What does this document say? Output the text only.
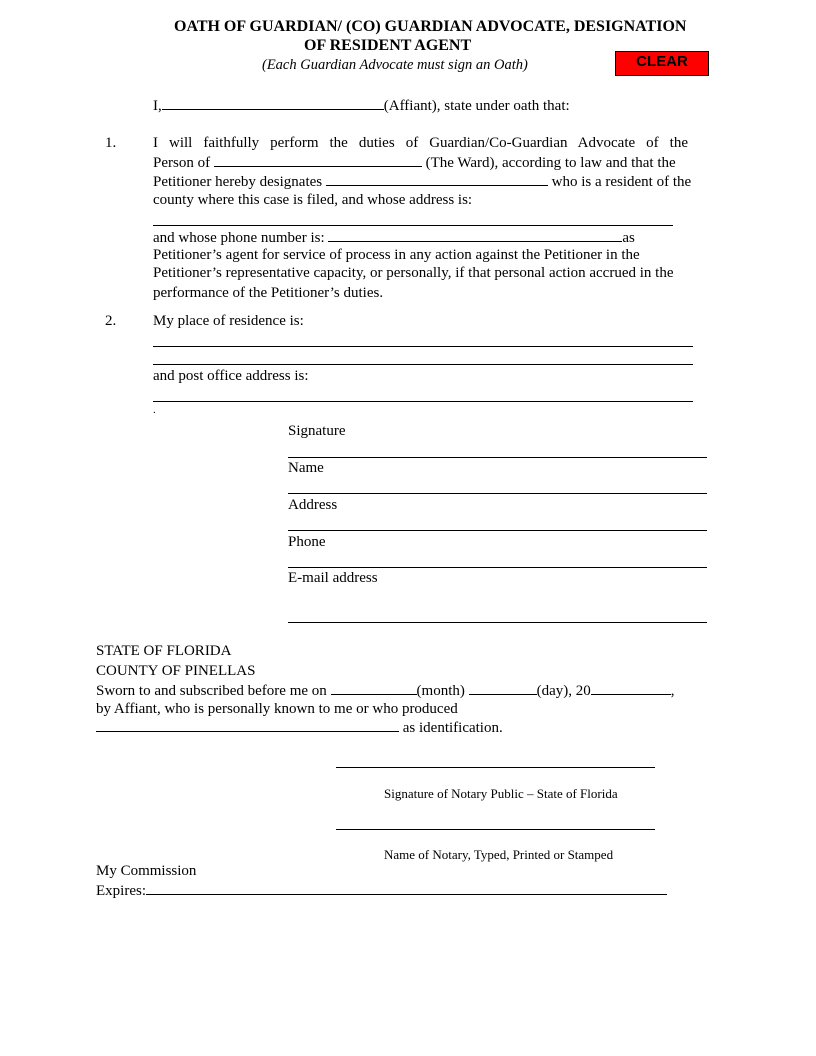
OATH OF GUARDIAN/ (CO) GUARDIAN ADVOCATE, DESIGNATION
OF RESIDENT AGENT
(Each Guardian Advocate must sign an Oath)	CLEAR
I,	(Affiant), state under oath that:
1. I will faithfully perform the duties of Guardian/Co-Guardian Advocate of the
Person of	(The Ward), according to law and that the
Petitioner hereby designates	who is a resident of the
county where this case is filed, and whose address is:
and whose phone number is:	as
Petitioner’s agent for service of process in any action against the Petitioner in the
Petitioner’s representative capacity, or personally, if that personal action accrued in the
performance of the Petitioner’s duties.
2. My place of residence is:
and post office address is:
.
Signature
Name
Address
Phone
E-mail address
STATE OF FLORIDA
COUNTY OF PINELLAS
Sworn to and subscribed before me on	(month)	(day), 20	,
by Affiant, who is personally known to me or who produced
as identification.
Signature of Notary Public – State of Florida
Name of Notary, Typed, Printed or Stamped
My Commission
Expires:
